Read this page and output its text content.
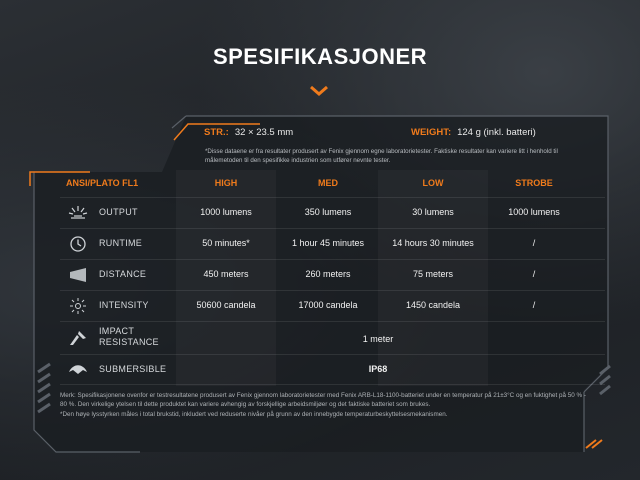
SPESIFIKASJONER
STR.: 32 × 23.5 mm	WEIGHT: 124 g (inkl. batteri)
*Disse dataene er fra resultater produsert av Fenix gjennom egne laboratorietester. Faktiske resultater kan variere litt i henhold til målemetoden til den spesifikke industrien som utfører nevnte tester.
ANSI/PLATO FL1	HIGH	MED	LOW	STROBE
OUTPUT	1000 lumens	350 lumens	30 lumens	1000 lumens
RUNTIME	50 minutes*	1 hour 45 minutes	14 hours 30 minutes	/
DISTANCE	450 meters	260 meters	75 meters	/
INTENSITY	50600 candela	17000 candela	1450 candela	/
IMPACT
RESISTANCE	1 meter
SUBMERSIBLE	IP68

Merk: Spesifikasjonene ovenfor er testresultatene produsert av Fenix gjennom laboratorietester med Fenix ARB-L18-1100-batteriet under en temperatur på 21±3°C og en fuktighet på 50 % - 80 %. Den virkelige ytelsen til dette produktet kan variere avhengig av forskjellige arbeidsmiljøer og det faktiske batteriet som brukes.

*Den høye lysstyrken måles i total brukstid, inkludert ved reduserte nivåer på grunn av den innebygde temperaturbeskyttelsesmekanismen.
